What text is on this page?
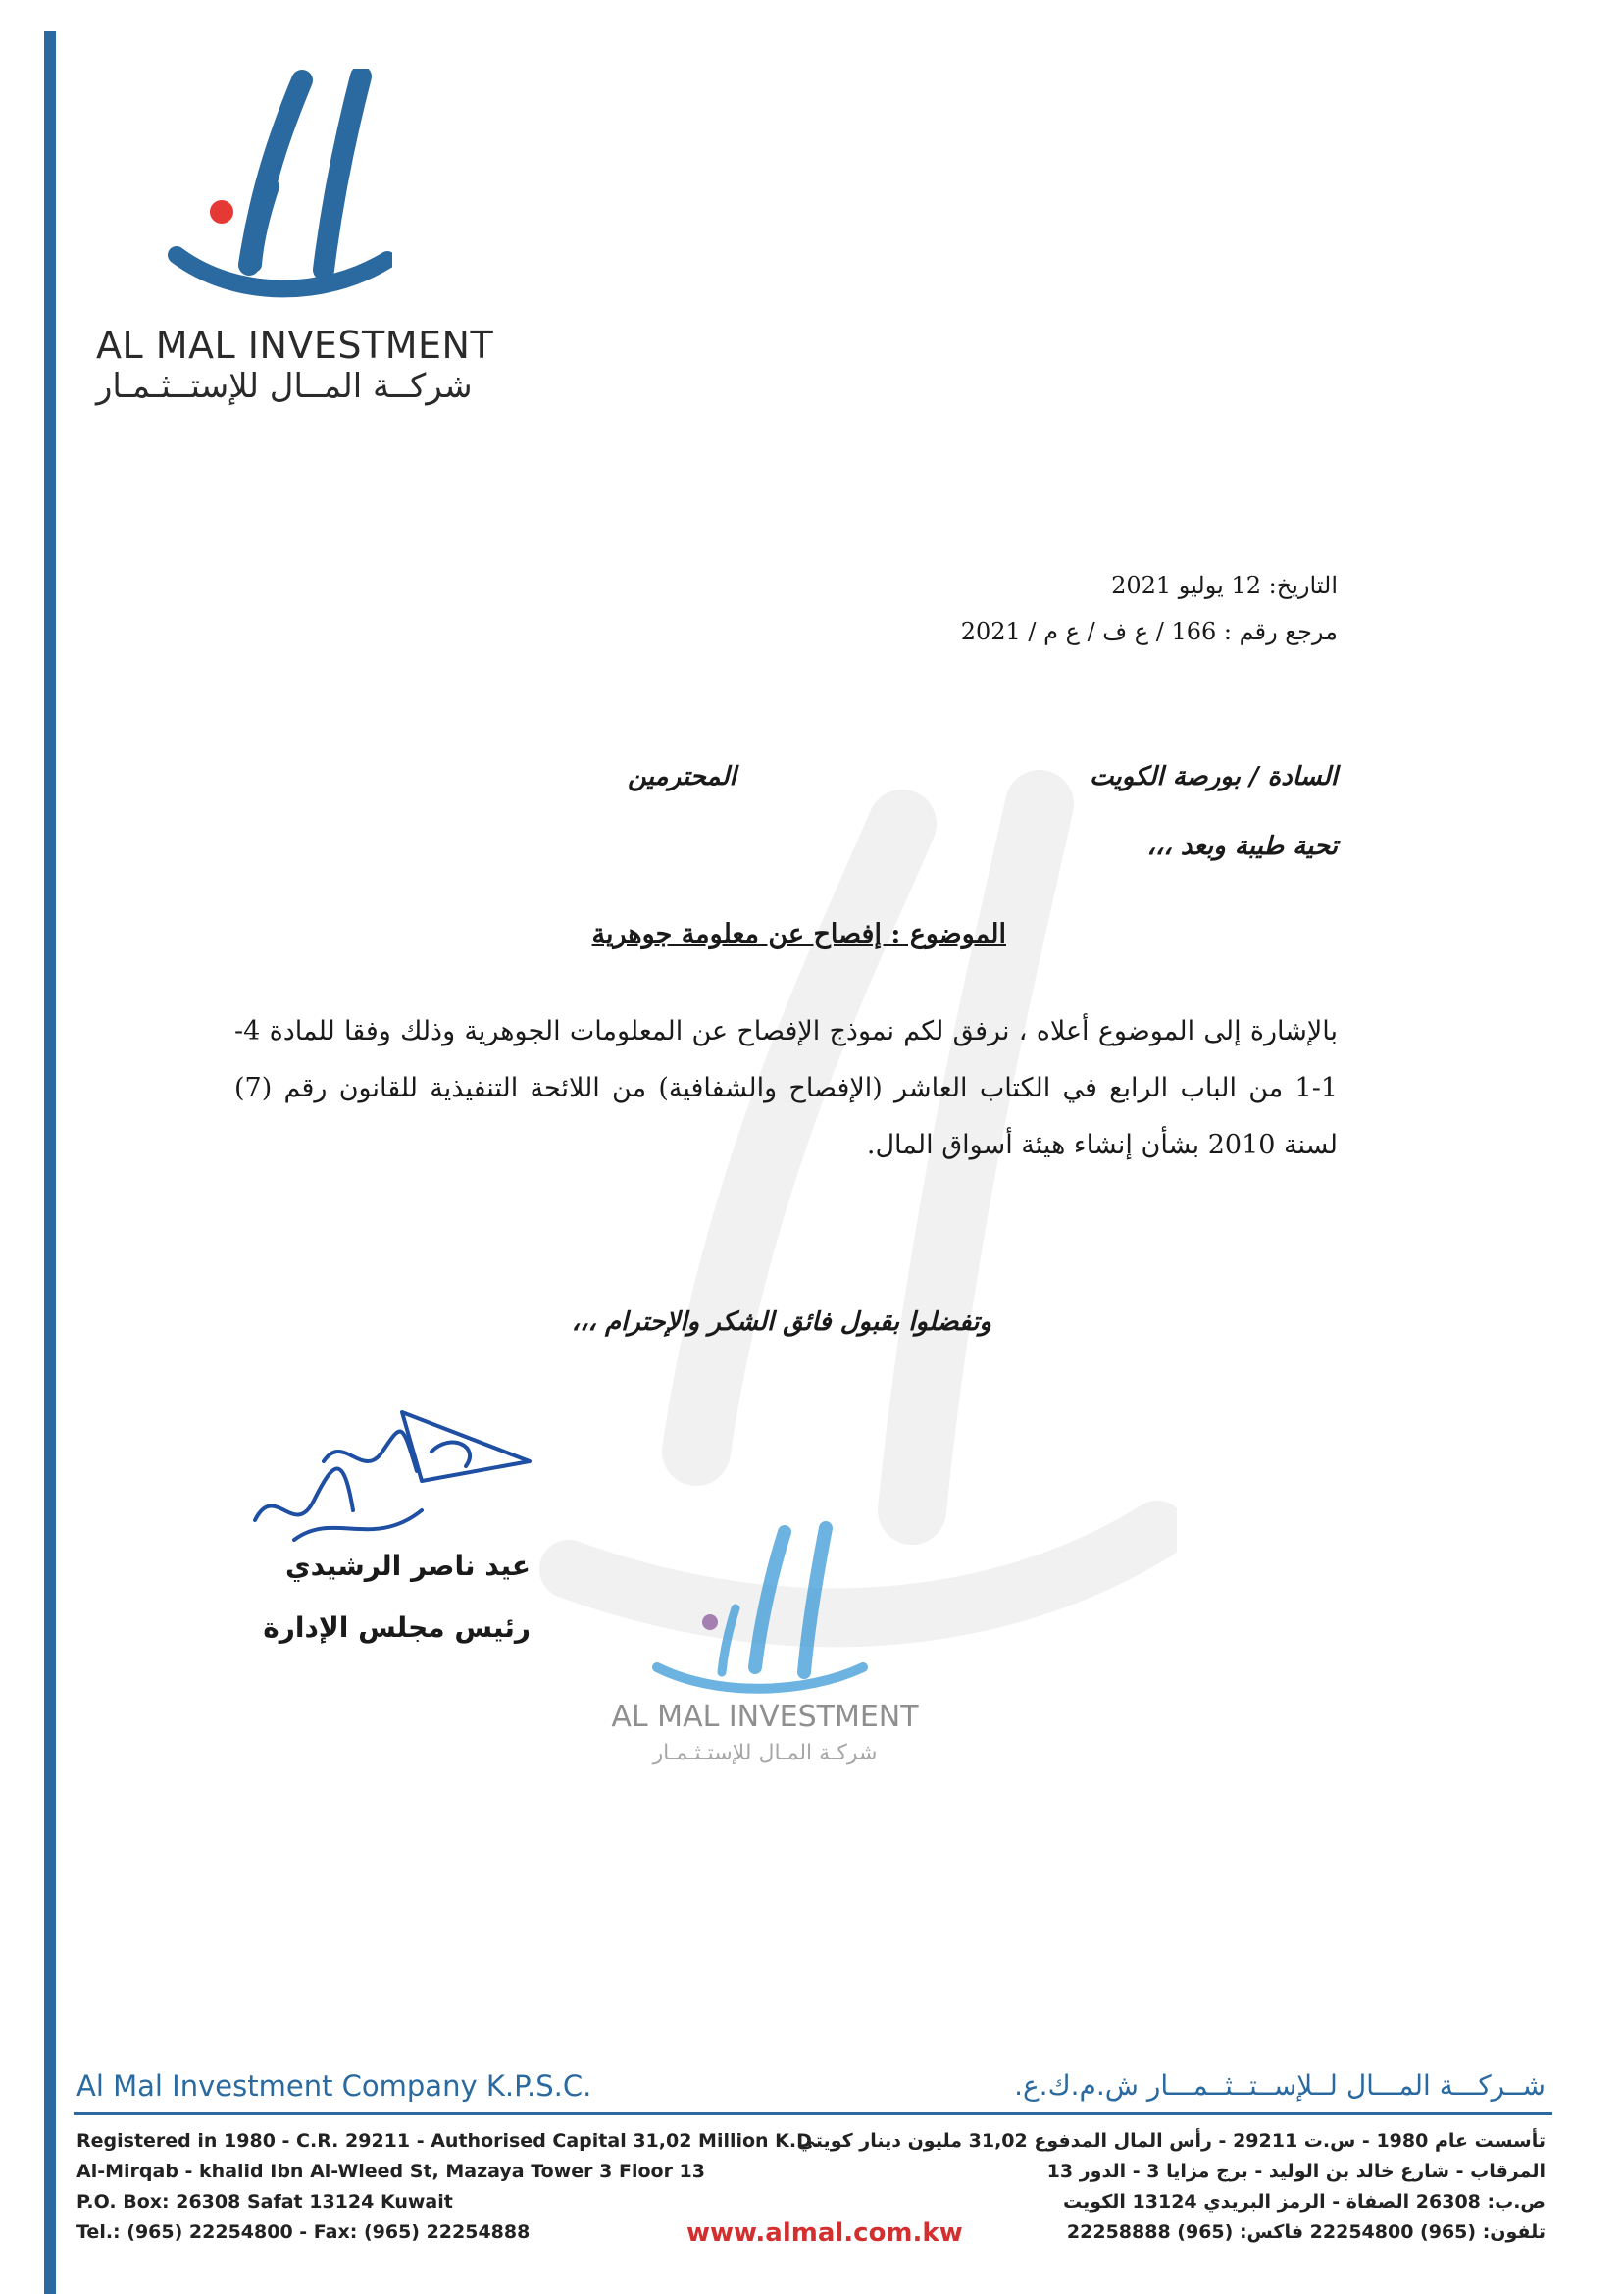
AL MAL INVESTMENT
شركــة المــال للإستــثـمـار
التاريخ: 12 يوليو 2021
مرجع رقم : 166 / ع ف / ع م / 2021
السادة / بورصة الكويت
المحترمين
تحية طيبة وبعد ،،،
الموضوع : إفصاح عن معلومة جوهرية
بالإشارة إلى الموضوع أعلاه ، نرفق لكم نموذج الإفصاح عن المعلومات الجوهرية وذلك وفقا للمادة 4-1-1 من الباب الرابع في الكتاب العاشر (الإفصاح والشفافية) من اللائحة التنفيذية للقانون رقم (7) لسنة 2010 بشأن إنشاء هيئة أسواق المال.
وتفضلوا بقبول فائق الشكر والإحترام ،،،
عيد ناصر الرشيدي
رئيس مجلس الإدارة
AL MAL INVESTMENT
شركـة المـال للإستـثـمـار
Al Mal Investment Company K.P.S.C.	شــركـــة المـــال لــلإســتــثــمـــار ش.م.ك.ع.
Registered in 1980 - C.R. 29211 - Authorised Capital 31,02 Million K.D.
Al-Mirqab - khalid Ibn Al-Wleed St, Mazaya Tower 3 Floor 13
P.O. Box: 26308 Safat 13124 Kuwait
Tel.: (965) 22254800 - Fax: (965) 22254888
تأسست عام 1980 - س.ت 29211 - رأس المال المدفوع 31,02 مليون دينار كويتي
المرقاب - شارع خالد بن الوليد - برج مزايا 3 - الدور 13
ص.ب: 26308 الصفاة - الرمز البريدي 13124 الكويت
تلفون: (965) 22254800 فاكس: (965) 22258888
www.almal.com.kw
